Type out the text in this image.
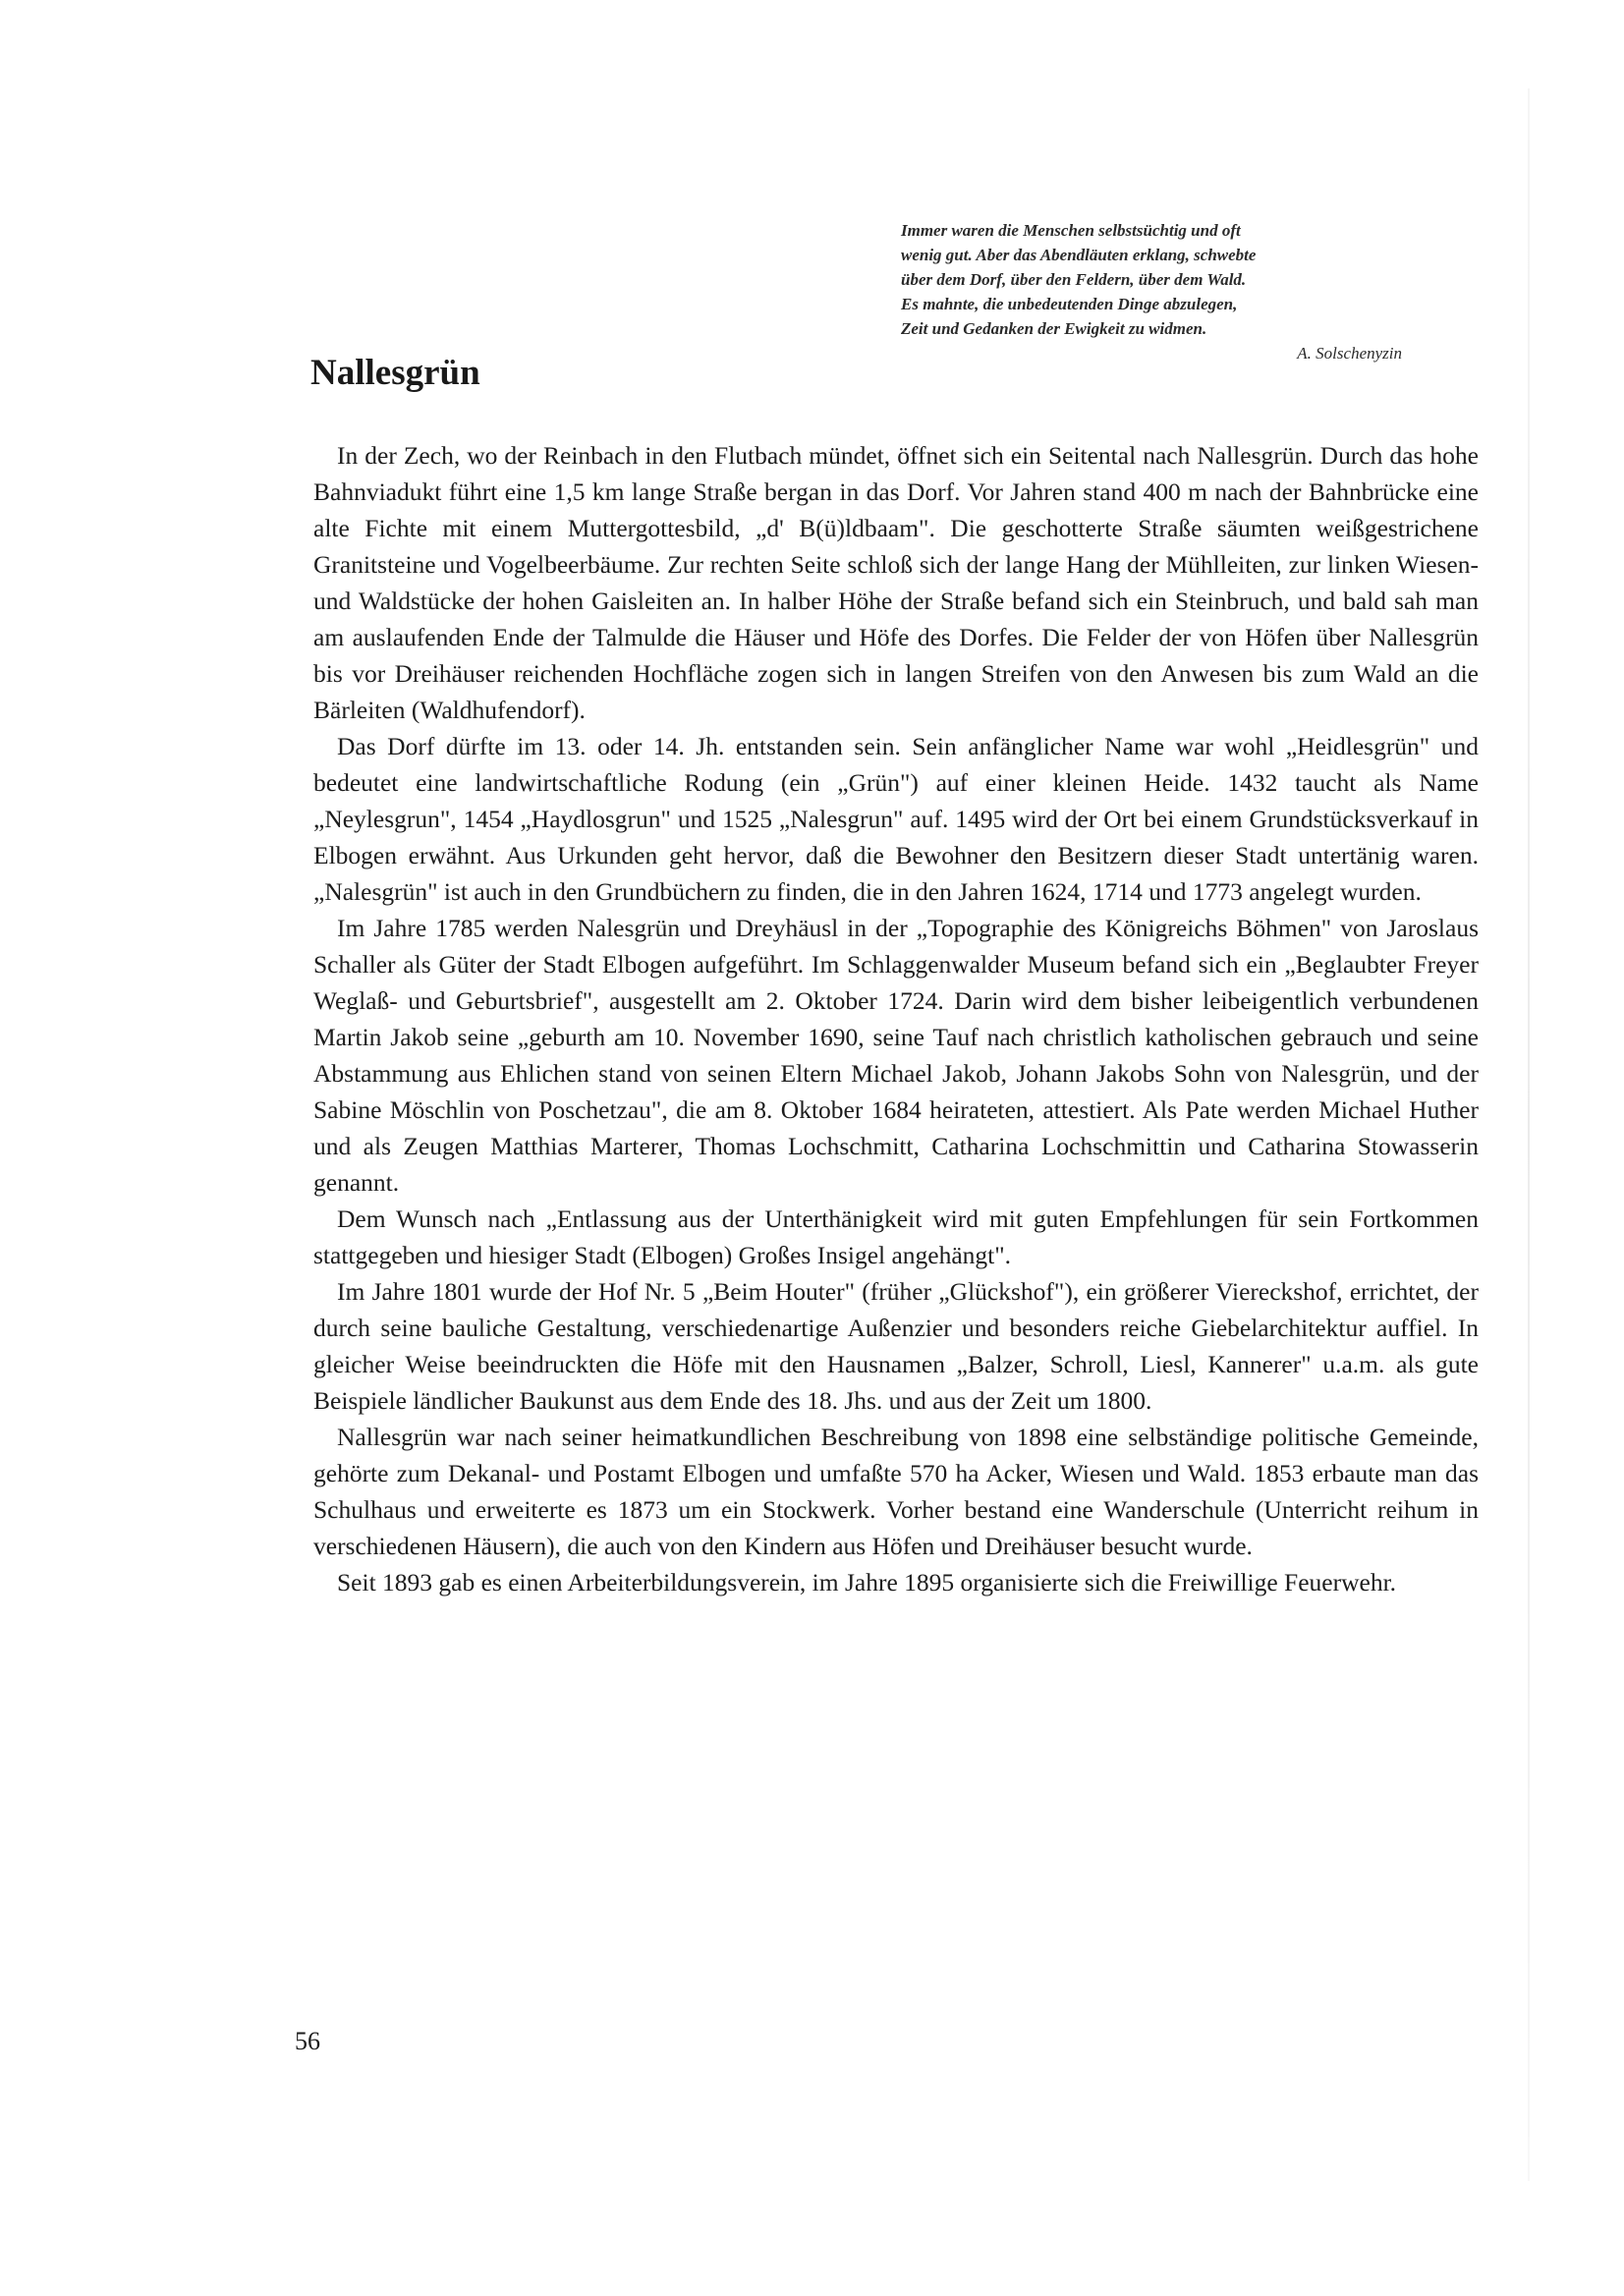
Immer waren die Menschen selbstsüchtig und oft

wenig gut. Aber das Abendläuten erklang, schwebte

über dem Dorf, über den Feldern, über dem Wald.

Es mahnte, die unbedeutenden Dinge abzulegen,

Zeit und Gedanken der Ewigkeit zu widmen.

A. Solschenyzin

Nallesgrün

In der Zech, wo der Reinbach in den Flutbach mündet, öffnet sich ein Seitental nach Nallesgrün. Durch das hohe Bahnviadukt führt eine 1,5 km lange Straße bergan in das Dorf. Vor Jahren stand 400 m nach der Bahnbrücke eine alte Fichte mit einem Muttergottesbild, „d' B(ü)ldbaam". Die geschotterte Straße säumten weißgestrichene Granitsteine und Vogelbeerbäume. Zur rechten Seite schloß sich der lange Hang der Mühlleiten, zur linken Wiesen- und Waldstücke der hohen Gaisleiten an. In halber Höhe der Straße befand sich ein Steinbruch, und bald sah man am auslaufenden Ende der Talmulde die Häuser und Höfe des Dorfes. Die Felder der von Höfen über Nallesgrün bis vor Dreihäuser reichenden Hochfläche zogen sich in langen Streifen von den Anwesen bis zum Wald an die Bärleiten (Waldhufendorf).

Das Dorf dürfte im 13. oder 14. Jh. entstanden sein. Sein anfänglicher Name war wohl „Heidlesgrün" und bedeutet eine landwirtschaftliche Rodung (ein „Grün") auf einer kleinen Heide. 1432 taucht als Name „Neylesgrun", 1454 „Haydlosgrun" und 1525 „Nalesgrun" auf. 1495 wird der Ort bei einem Grundstücksverkauf in Elbogen erwähnt. Aus Urkunden geht hervor, daß die Bewohner den Besitzern dieser Stadt untertänig waren. „Nalesgrün" ist auch in den Grundbüchern zu finden, die in den Jahren 1624, 1714 und 1773 angelegt wurden.

Im Jahre 1785 werden Nalesgrün und Dreyhäusl in der „Topographie des Königreichs Böhmen" von Jaroslaus Schaller als Güter der Stadt Elbogen aufgeführt. Im Schlaggenwalder Museum befand sich ein „Beglaubter Freyer Weglaß- und Geburtsbrief", ausgestellt am 2. Oktober 1724. Darin wird dem bisher leibeigentlich verbundenen Martin Jakob seine „geburth am 10. November 1690, seine Tauf nach christlich katholischen gebrauch und seine Abstammung aus Ehlichen stand von seinen Eltern Michael Jakob, Johann Jakobs Sohn von Nalesgrün, und der Sabine Möschlin von Poschetzau", die am 8. Oktober 1684 heirateten, attestiert. Als Pate werden Michael Huther und als Zeugen Matthias Marterer, Thomas Lochschmitt, Catharina Lochschmittin und Catharina Stowasserin genannt.

Dem Wunsch nach „Entlassung aus der Unterthänigkeit wird mit guten Empfehlungen für sein Fortkommen stattgegeben und hiesiger Stadt (Elbogen) Großes Insigel angehängt".

Im Jahre 1801 wurde der Hof Nr. 5 „Beim Houter" (früher „Glückshof"), ein größerer Viereckshof, errichtet, der durch seine bauliche Gestaltung, verschiedenartige Außenzier und besonders reiche Giebelarchitektur auffiel. In gleicher Weise beeindruckten die Höfe mit den Hausnamen „Balzer, Schroll, Liesl, Kannerer" u.a.m. als gute Beispiele ländlicher Baukunst aus dem Ende des 18. Jhs. und aus der Zeit um 1800.

Nallesgrün war nach seiner heimatkundlichen Beschreibung von 1898 eine selbständige politische Gemeinde, gehörte zum Dekanal- und Postamt Elbogen und umfaßte 570 ha Acker, Wiesen und Wald. 1853 erbaute man das Schulhaus und erweiterte es 1873 um ein Stockwerk. Vorher bestand eine Wanderschule (Unterricht reihum in verschiedenen Häusern), die auch von den Kindern aus Höfen und Dreihäuser besucht wurde.

Seit 1893 gab es einen Arbeiterbildungsverein, im Jahre 1895 organisierte sich die Freiwillige Feuerwehr.

56
